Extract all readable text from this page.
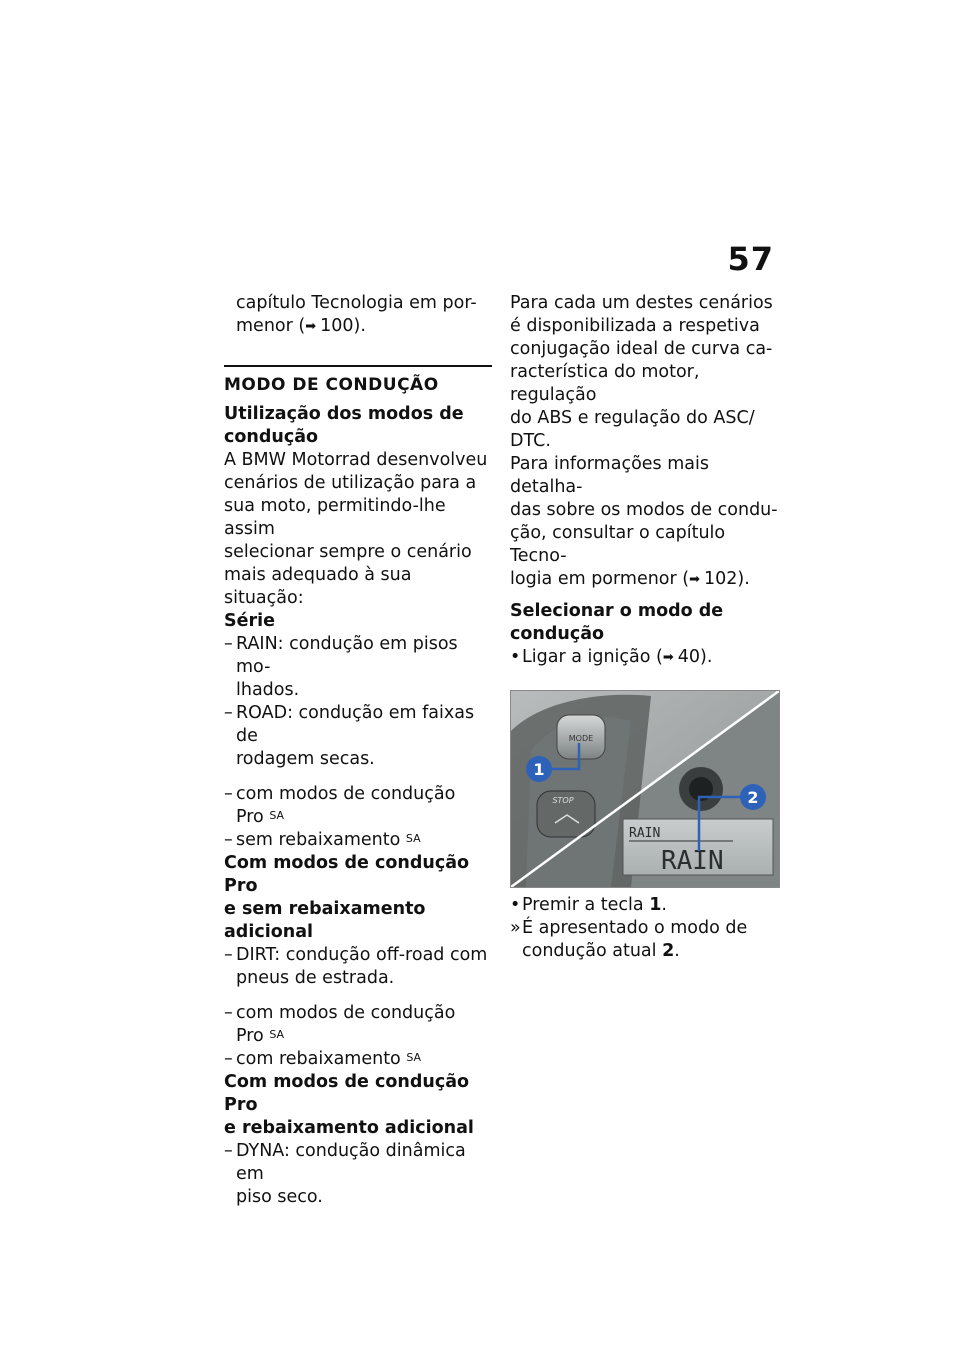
57

capítulo Tecnologia em por-

menor (➡ 100).

MODO DE CONDUÇÃO

Utilização dos modos de

condução

A BMW Motorrad desenvolveu

cenários de utilização para a

sua moto, permitindo-lhe assim

selecionar sempre o cenário

mais adequado à sua situação:

Série

– RAIN: condução em pisos mo-
lhados.
– ROAD: condução em faixas de
rodagem secas.
– com modos de condução
Pro $^{SA}$
– sem rebaixamento $^{SA}$

Com modos de condução Pro

e sem rebaixamento adicional

– DIRT: condução off-road com
pneus de estrada.
– com modos de condução
Pro $^{SA}$
– com rebaixamento $^{SA}$

Com modos de condução Pro

e rebaixamento adicional

– DYNA: condução dinâmica em
piso seco.

Para cada um destes cenários

é disponibilizada a respetiva

conjugação ideal de curva ca-

racterística do motor, regulação

do ABS e regulação do ASC/

DTC.

Para informações mais detalha-

das sobre os modos de condu-

ção, consultar o capítulo Tecno-

logia em pormenor (➡ 102).

Selecionar o modo de

condução

• Ligar a ignição (➡ 40).
MODE
STOP
RAIN
RAIN
1
2
• Premir a tecla 1.
» É apresentado o modo de
condução atual 2.
